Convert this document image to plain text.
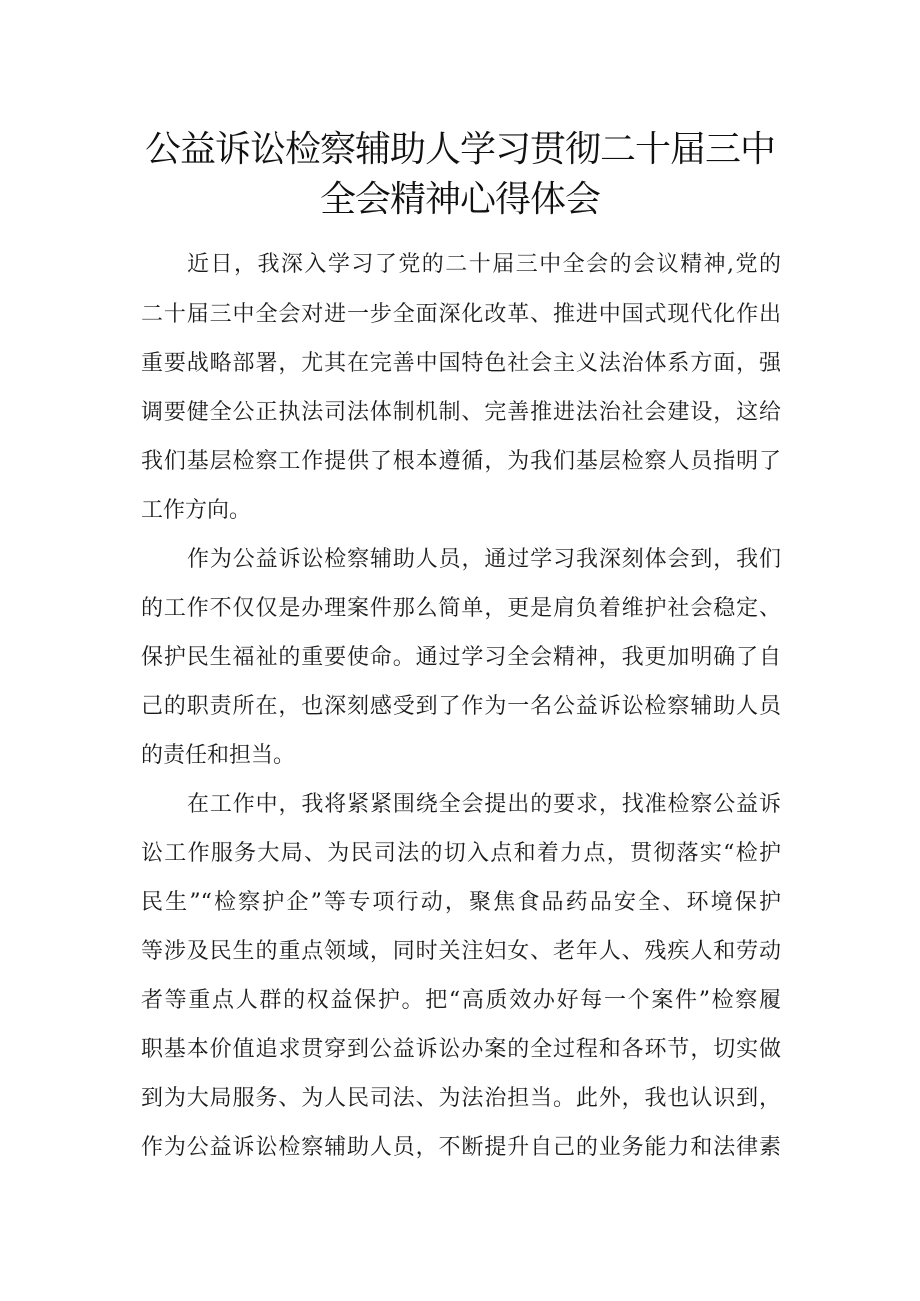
公益诉讼检察辅助人学习贯彻二十届三中
全会精神心得体会
近日，我深入学习了党的二十届三中全会的会议精神,党的
二十届三中全会对进一步全面深化改革、推进中国式现代化作出
重要战略部署，尤其在完善中国特色社会主义法治体系方面，强
调要健全公正执法司法体制机制、完善推进法治社会建设，这给
我们基层检察工作提供了根本遵循，为我们基层检察人员指明了
工作方向。
作为公益诉讼检察辅助人员，通过学习我深刻体会到，我们
的工作不仅仅是办理案件那么简单，更是肩负着维护社会稳定、
保护民生福祉的重要使命。通过学习全会精神，我更加明确了自
己的职责所在，也深刻感受到了作为一名公益诉讼检察辅助人员
的责任和担当。
在工作中，我将紧紧围绕全会提出的要求，找准检察公益诉
讼工作服务大局、为民司法的切入点和着力点，贯彻落实“检护
民生”“检察护企”等专项行动，聚焦食品药品安全、环境保护
等涉及民生的重点领域，同时关注妇女、老年人、残疾人和劳动
者等重点人群的权益保护。把“高质效办好每一个案件”检察履
职基本价值追求贯穿到公益诉讼办案的全过程和各环节，切实做
到为大局服务、为人民司法、为法治担当。此外，我也认识到，
作为公益诉讼检察辅助人员，不断提升自己的业务能力和法律素
